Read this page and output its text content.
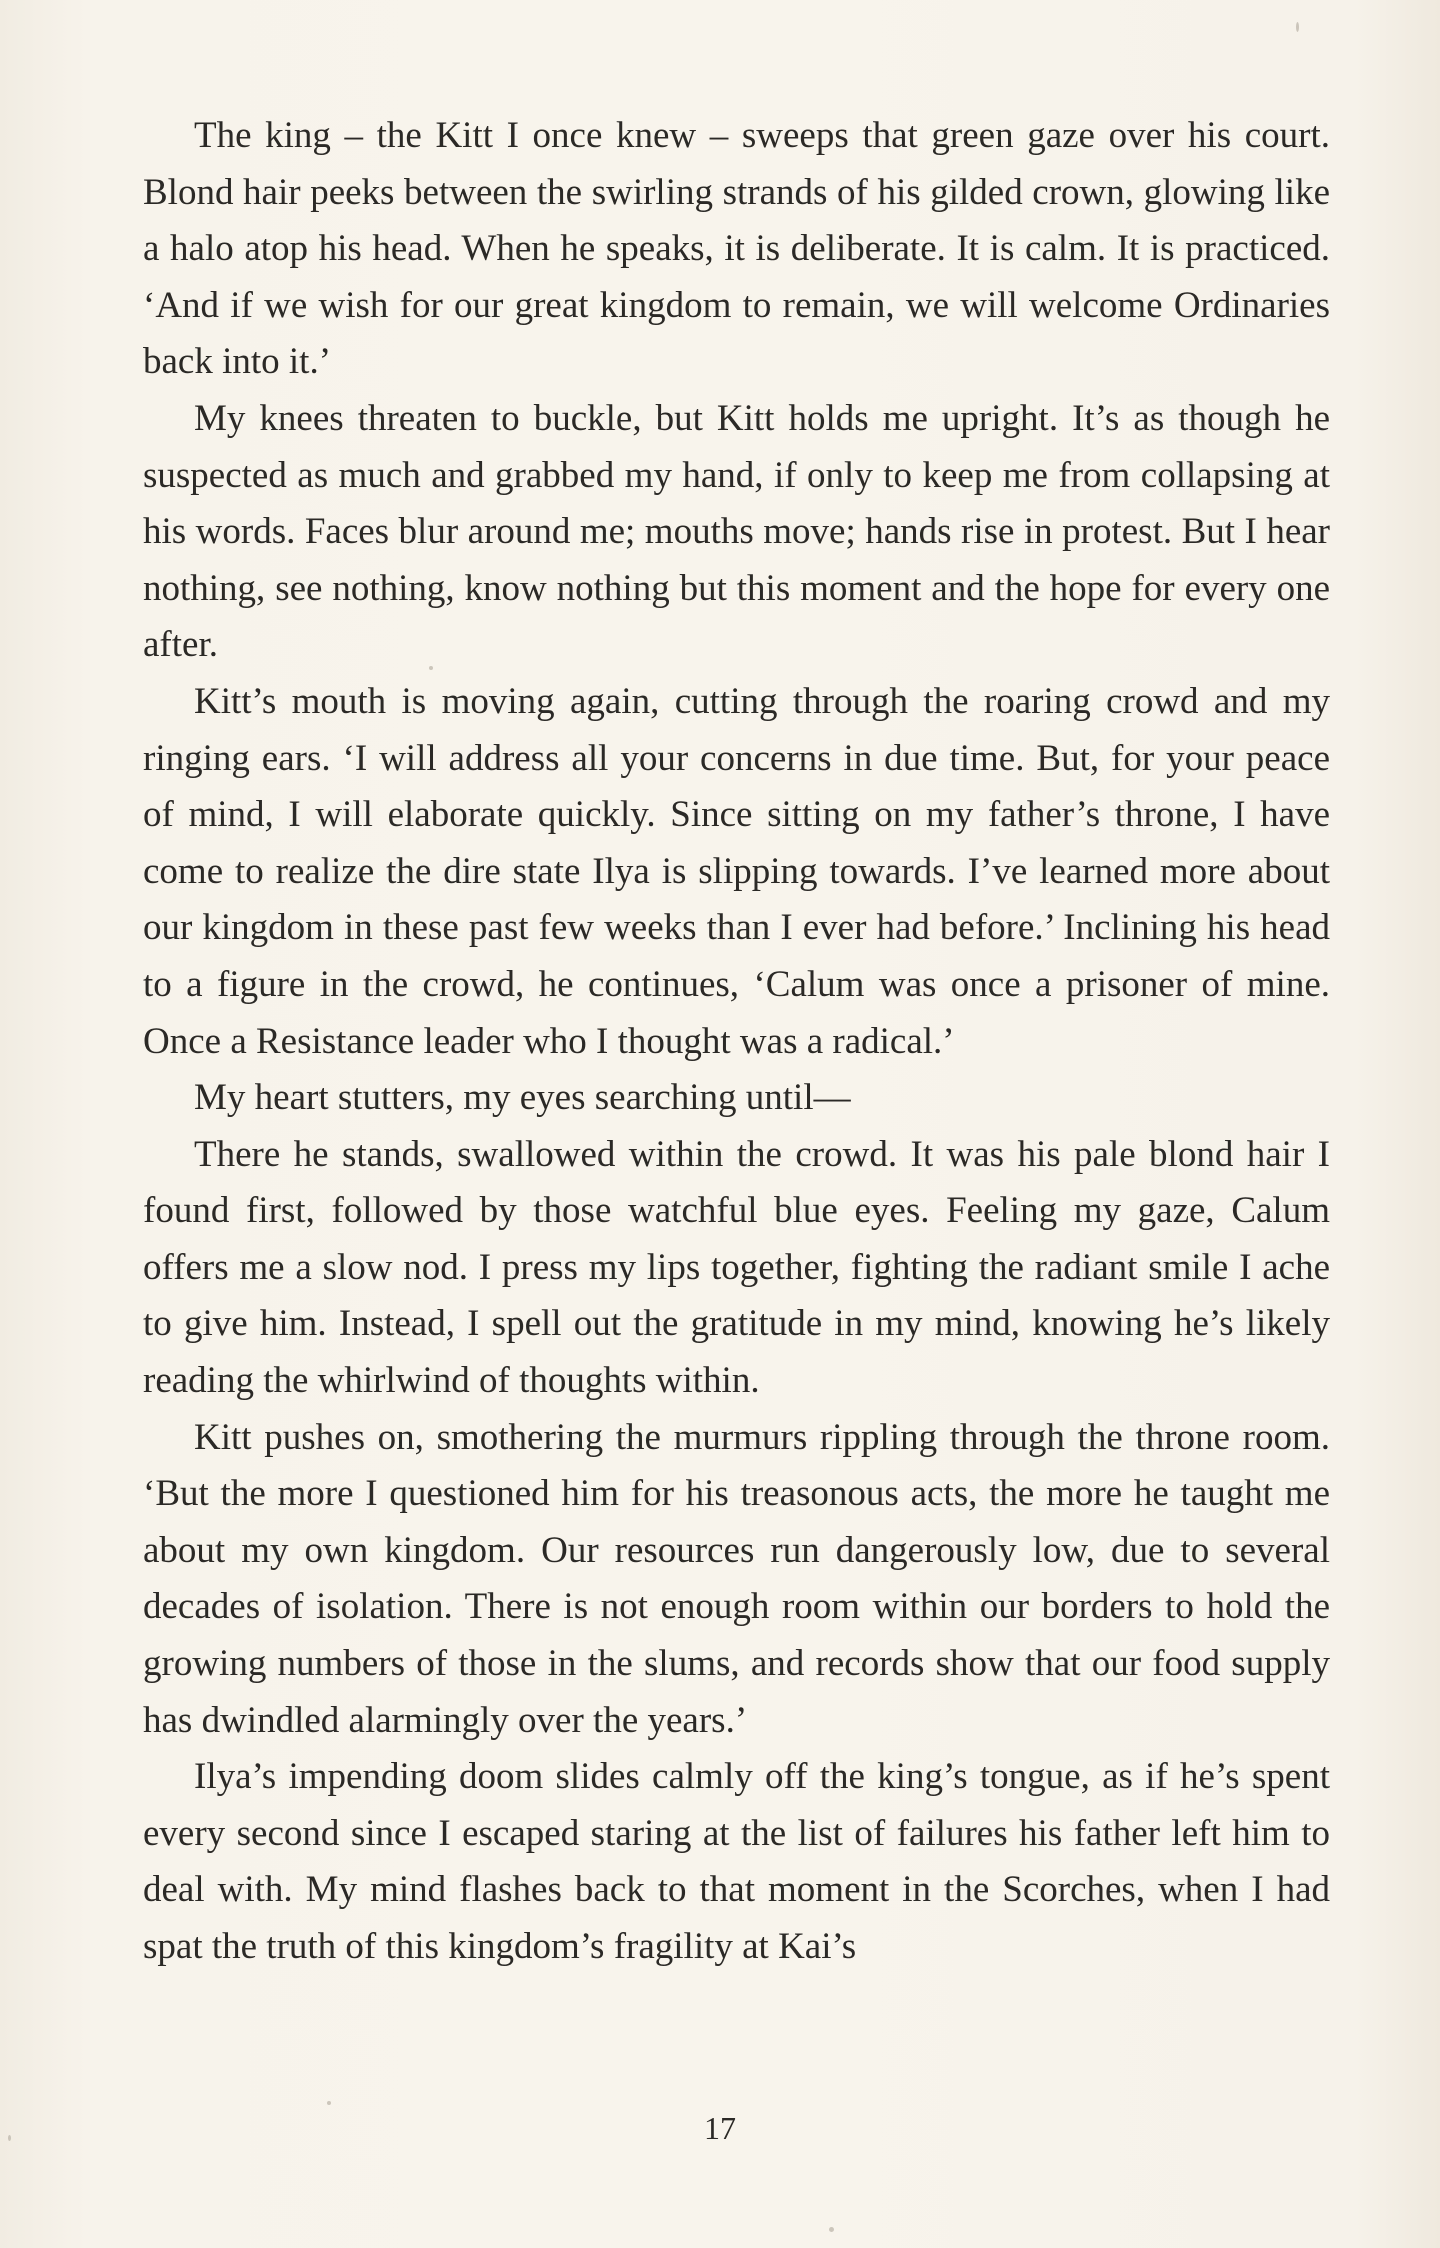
The king – the Kitt I once knew – sweeps that green gaze over his court. Blond hair peeks between the swirling strands of his gilded crown, glowing like a halo atop his head. When he speaks, it is deliberate. It is calm. It is practiced. ‘And if we wish for our great kingdom to remain, we will welcome Ordinaries back into it.’

My knees threaten to buckle, but Kitt holds me upright. It’s as though he suspected as much and grabbed my hand, if only to keep me from collapsing at his words. Faces blur around me; mouths move; hands rise in protest. But I hear nothing, see nothing, know nothing but this moment and the hope for every one after.

Kitt’s mouth is moving again, cutting through the roaring crowd and my ringing ears. ‘I will address all your concerns in due time. But, for your peace of mind, I will elaborate quickly. Since sitting on my father’s throne, I have come to realize the dire state Ilya is slipping towards. I’ve learned more about our kingdom in these past few weeks than I ever had before.’ Inclining his head to a figure in the crowd, he continues, ‘Calum was once a prisoner of mine. Once a Resistance leader who I thought was a radical.’

My heart stutters, my eyes searching until—

There he stands, swallowed within the crowd. It was his pale blond hair I found first, followed by those watchful blue eyes. Feeling my gaze, Calum offers me a slow nod. I press my lips together, fighting the radiant smile I ache to give him. Instead, I spell out the gratitude in my mind, knowing he’s likely reading the whirlwind of thoughts within.

Kitt pushes on, smothering the murmurs rippling through the throne room. ‘But the more I questioned him for his treasonous acts, the more he taught me about my own kingdom. Our resources run dangerously low, due to several decades of isolation. There is not enough room within our borders to hold the growing numbers of those in the slums, and records show that our food supply has dwindled alarmingly over the years.’

Ilya’s impending doom slides calmly off the king’s tongue, as if he’s spent every second since I escaped staring at the list of failures his father left him to deal with. My mind flashes back to that moment in the Scorches, when I had spat the truth of this kingdom’s fragility at Kai’s

17
